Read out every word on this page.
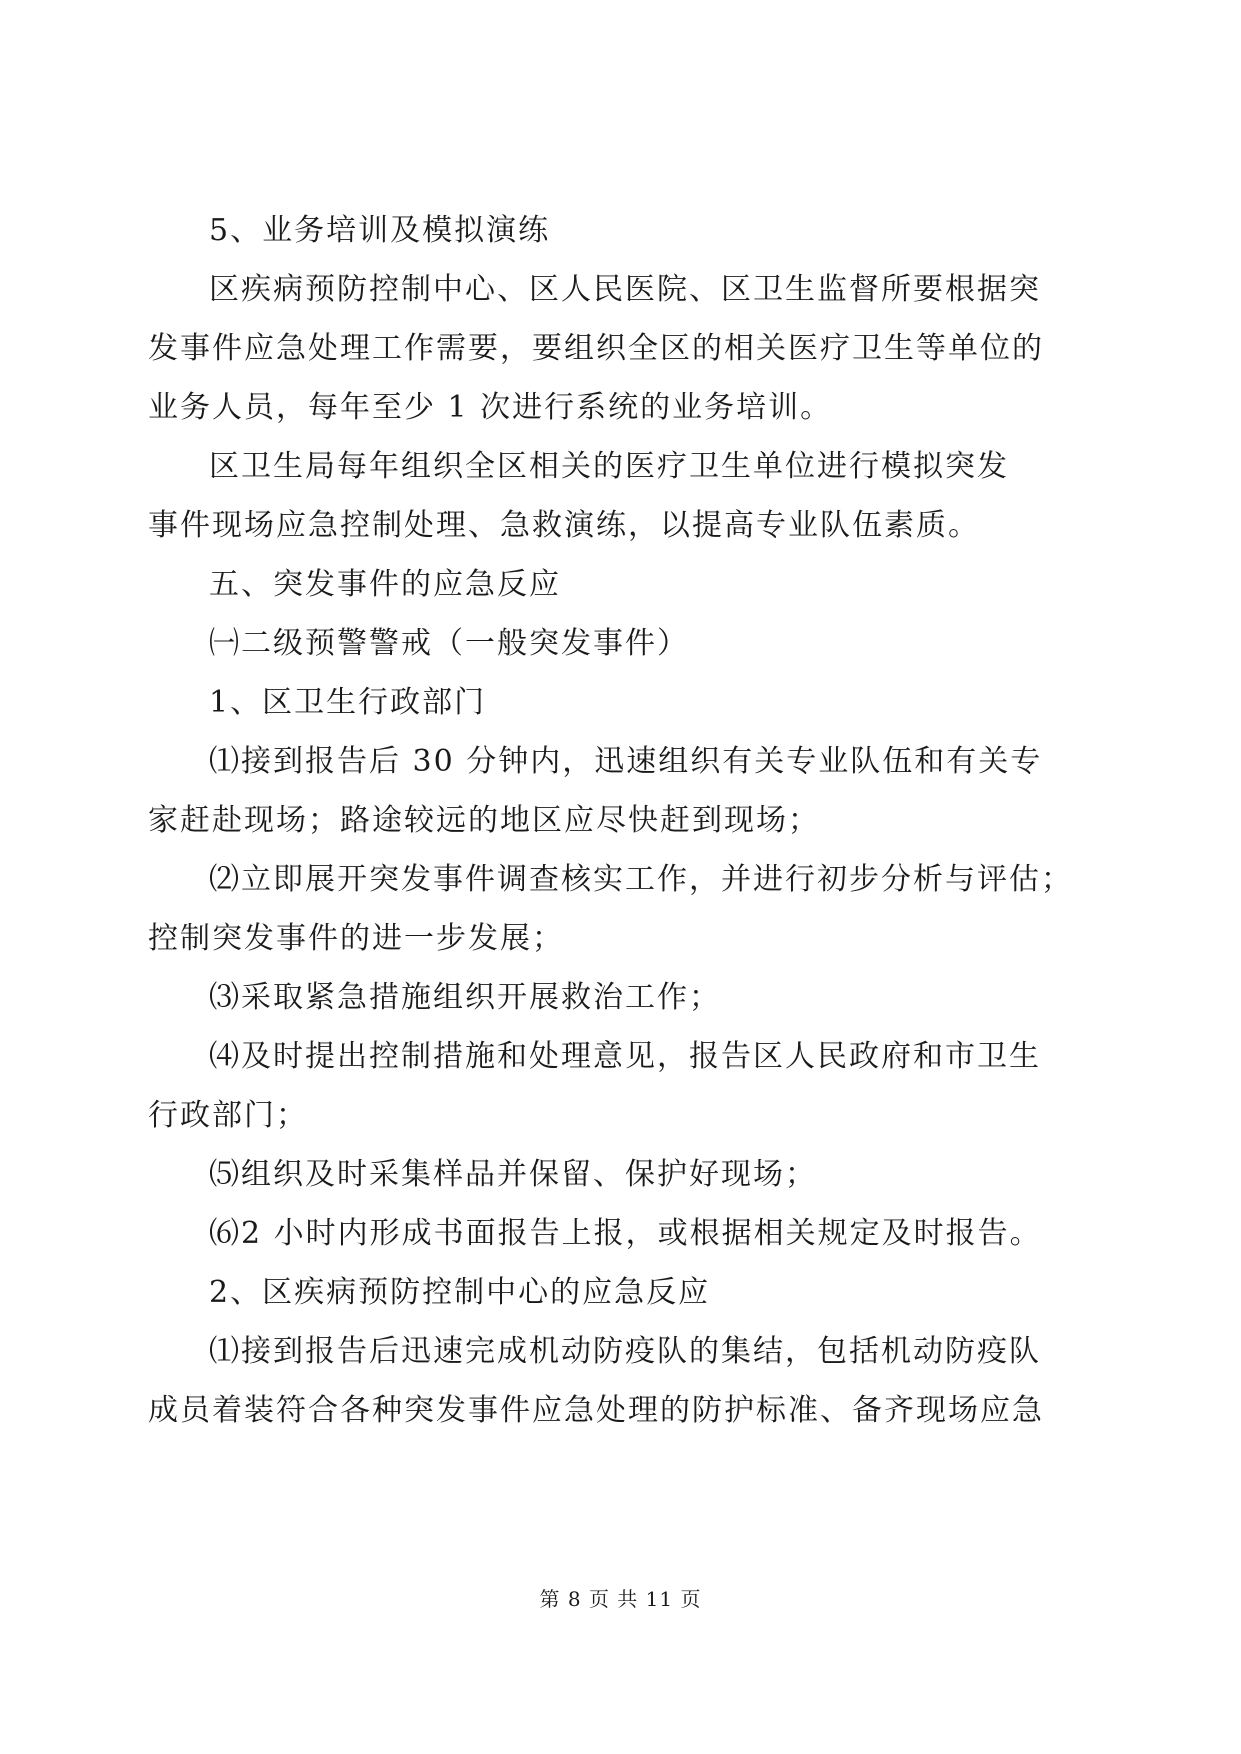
5、业务培训及模拟演练
区疾病预防控制中心、区人民医院、区卫生监督所要根据突
发事件应急处理工作需要，要组织全区的相关医疗卫生等单位的
业务人员，每年至少 1 次进行系统的业务培训。
区卫生局每年组织全区相关的医疗卫生单位进行模拟突发
事件现场应急控制处理、急救演练，以提高专业队伍素质。
五、突发事件的应急反应
㈠二级预警警戒（一般突发事件）
1、区卫生行政部门
⑴接到报告后 30 分钟内，迅速组织有关专业队伍和有关专
家赶赴现场；路途较远的地区应尽快赶到现场；
⑵立即展开突发事件调查核实工作，并进行初步分析与评估；
控制突发事件的进一步发展；
⑶采取紧急措施组织开展救治工作；
⑷及时提出控制措施和处理意见，报告区人民政府和市卫生
行政部门；
⑸组织及时采集样品并保留、保护好现场；
⑹2 小时内形成书面报告上报，或根据相关规定及时报告。
2、区疾病预防控制中心的应急反应
⑴接到报告后迅速完成机动防疫队的集结，包括机动防疫队
成员着装符合各种突发事件应急处理的防护标准、备齐现场应急
第 8 页 共 11 页
